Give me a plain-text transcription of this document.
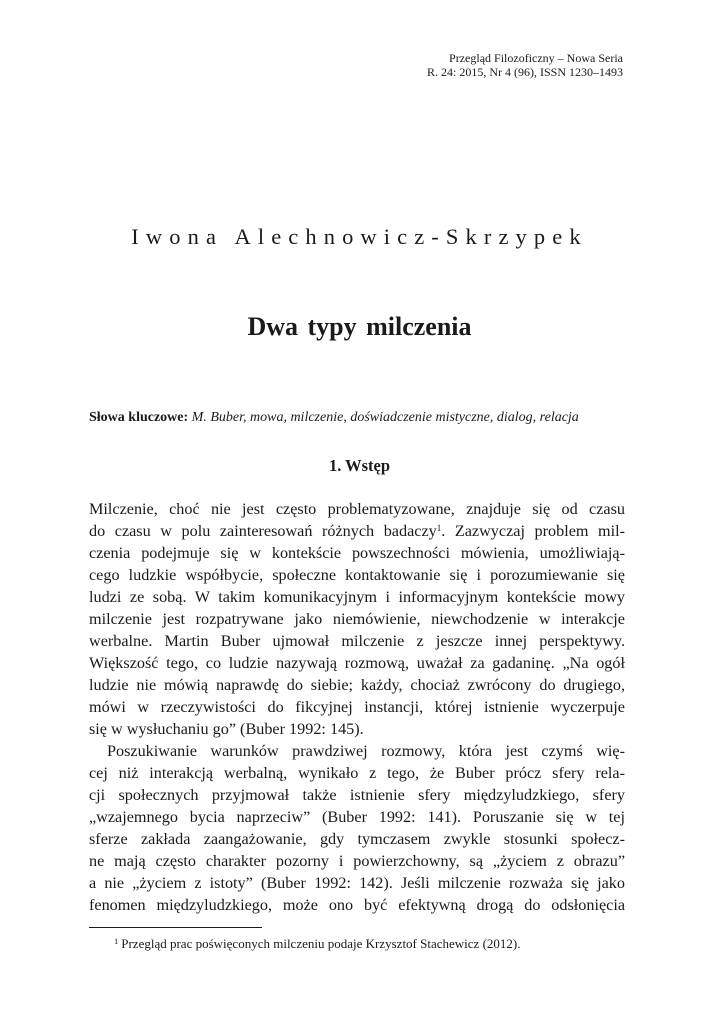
Przegląd Filozoficzny – Nowa Seria
R. 24: 2015, Nr 4 (96), ISSN 1230–1493
Iwona Alechnowicz-Skrzypek
Dwa typy milczenia
Słowa kluczowe: M. Buber, mowa, milczenie, doświadczenie mistyczne, dialog, relacja
1. Wstęp
Milczenie, choć nie jest często problematyzowane, znajduje się od czasu
do czasu w polu zainteresowań różnych badaczy$^1$. Zazwyczaj problem mil-
czenia podejmuje się w kontekście powszechności mówienia, umożliwiają-
cego ludzkie współbycie, społeczne kontaktowanie się i porozumiewanie się
ludzi ze sobą. W takim komunikacyjnym i informacyjnym kontekście mowy
milczenie jest rozpatrywane jako niemówienie, niewchodzenie w interakcje
werbalne. Martin Buber ujmował milczenie z jeszcze innej perspektywy.
Większość tego, co ludzie nazywają rozmową, uważał za gadaninę. „Na ogół
ludzie nie mówią naprawdę do siebie; każdy, chociaż zwrócony do drugiego,
mówi w rzeczywistości do fikcyjnej instancji, której istnienie wyczerpuje
się w wysłuchaniu go” (Buber 1992: 145).
Poszukiwanie warunków prawdziwej rozmowy, która jest czymś wię-
cej niż interakcją werbalną, wynikało z tego, że Buber prócz sfery rela-
cji społecznych przyjmował także istnienie sfery międzyludzkiego, sfery
„wzajemnego bycia naprzeciw” (Buber 1992: 141). Poruszanie się w tej
sferze zakłada zaangażowanie, gdy tymczasem zwykle stosunki społecz-
ne mają często charakter pozorny i powierzchowny, są „życiem z obrazu”
a nie „życiem z istoty” (Buber 1992: 142). Jeśli milczenie rozważa się jako
fenomen międzyludzkiego, może ono być efektywną drogą do odsłonięcia
$^1$ Przegląd prac poświęconych milczeniu podaje Krzysztof Stachewicz (2012).
